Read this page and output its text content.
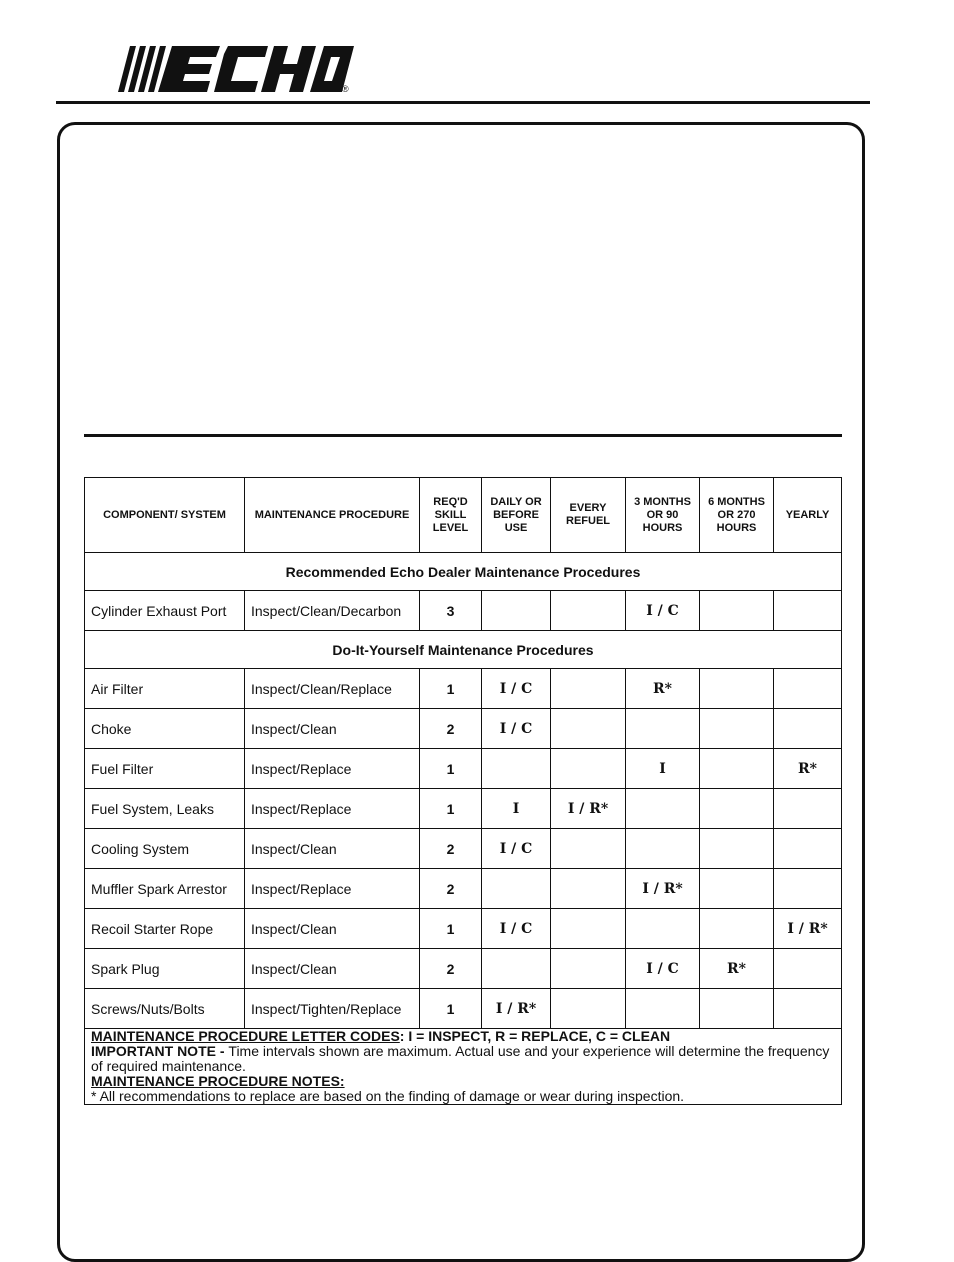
®
COMPONENT/ SYSTEM	MAINTENANCE PROCEDURE	REQ'D SKILL LEVEL	DAILY OR BEFORE USE	EVERY REFUEL	3 MONTHS OR 90 HOURS	6 MONTHS OR 270 HOURS	YEARLY
Recommended Echo Dealer Maintenance Procedures							
Cylinder Exhaust Port	Inspect/Clean/Decarbon	3			I / C		
Do-It-Yourself Maintenance Procedures							
Air Filter	Inspect/Clean/Replace	1	I / C		R*		
Choke	Inspect/Clean	2	I / C				
Fuel Filter	Inspect/Replace	1			I		R*
Fuel System, Leaks	Inspect/Replace	1	I	I / R*			
Cooling System	Inspect/Clean	2	I / C				
Muffler Spark Arrestor	Inspect/Replace	2			I / R*		
Recoil Starter Rope	Inspect/Clean	1	I / C				I / R*
Spark Plug	Inspect/Clean	2			I / C	R*	
Screws/Nuts/Bolts	Inspect/Tighten/Replace	1	I / R*				

MAINTENANCE PROCEDURE LETTER CODES: I = INSPECT, R = REPLACE, C = CLEAN
IMPORTANT NOTE - Time intervals shown are maximum. Actual use and your experience will determine the frequency of required maintenance.
MAINTENANCE PROCEDURE NOTES:
* All recommendations to replace are based on the finding of damage or wear during inspection.							
